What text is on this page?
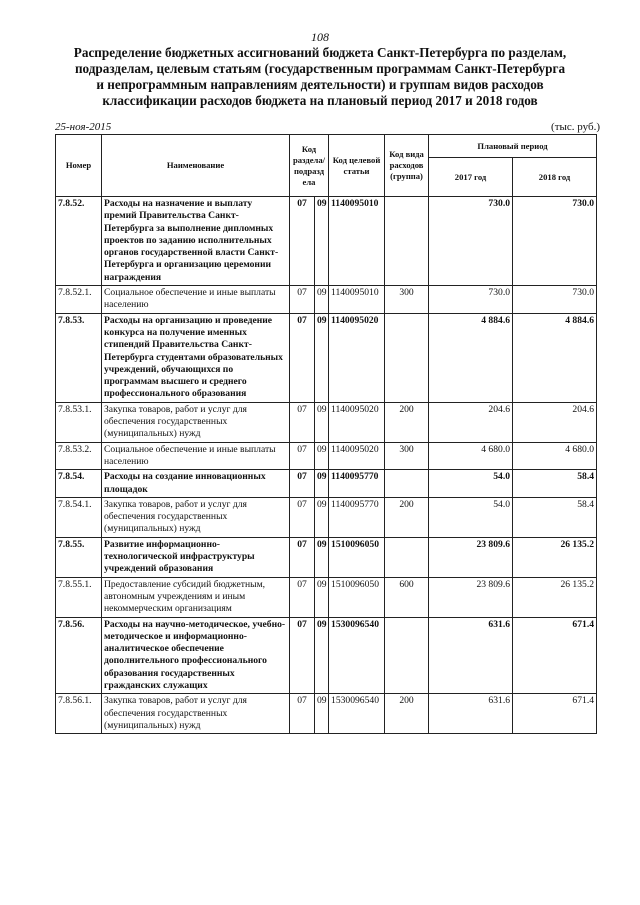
108
Распределение бюджетных ассигнований бюджета Санкт-Петербурга по разделам,
подразделам, целевым статьям (государственным программам Санкт-Петербурга
и непрограммным направлениям деятельности) и группам видов расходов
классификации расходов бюджета на плановый период 2017 и 2018 годов
25-ноя-2015	(тыс. руб.)
Номер	Наименование	Код раздела/ подразд ела		Код целевой статьи	Код вида расходов (группа)	Плановый период	
						2017 год	2018 год
7.8.52.	Расходы на назначение и выплату премий Правительства Санкт-Петербурга за выполнение дипломных проектов по заданию исполнительных органов государственной власти Санкт-Петербурга и организацию церемонии награждения	07	09	1140095010		730.0	730.0
7.8.52.1.	Социальное обеспечение и иные выплаты населению	07	09	1140095010	300	730.0	730.0
7.8.53.	Расходы на организацию и проведение конкурса на получение именных стипендий Правительства Санкт-Петербурга студентами образовательных учреждений, обучающихся по программам высшего и среднего профессионального образования	07	09	1140095020		4 884.6	4 884.6
7.8.53.1.	Закупка товаров, работ и услуг для обеспечения государственных (муниципальных) нужд	07	09	1140095020	200	204.6	204.6
7.8.53.2.	Социальное обеспечение и иные выплаты населению	07	09	1140095020	300	4 680.0	4 680.0
7.8.54.	Расходы на создание инновационных площадок	07	09	1140095770		54.0	58.4
7.8.54.1.	Закупка товаров, работ и услуг для обеспечения государственных (муниципальных) нужд	07	09	1140095770	200	54.0	58.4
7.8.55.	Развитие информационно-технологической инфраструктуры учреждений образования	07	09	1510096050		23 809.6	26 135.2
7.8.55.1.	Предоставление субсидий бюджетным, автономным учреждениям и иным некоммерческим организациям	07	09	1510096050	600	23 809.6	26 135.2
7.8.56.	Расходы на научно-методическое, учебно-методическое и информационно-аналитическое обеспечение дополнительного профессионального образования государственных гражданских служащих	07	09	1530096540		631.6	671.4
7.8.56.1.	Закупка товаров, работ и услуг для обеспечения государственных (муниципальных) нужд	07	09	1530096540	200	631.6	671.4
